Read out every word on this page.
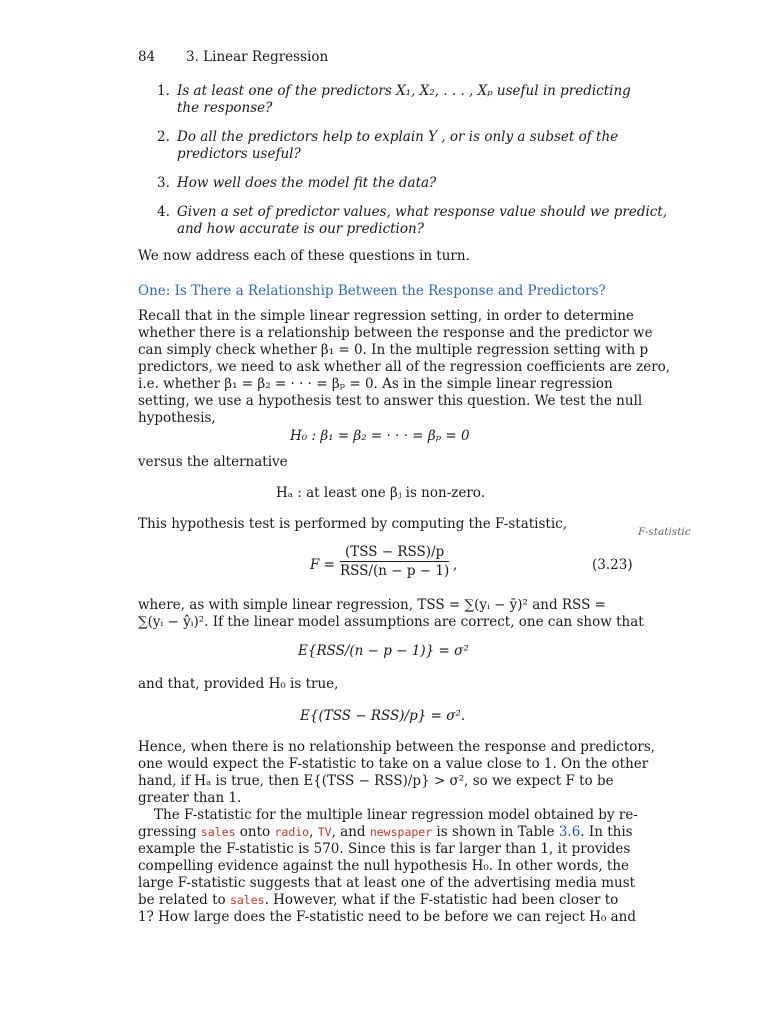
84 3. Linear Regression
1. Is at least one of the predictors X₁, X₂, . . . , Xₚ useful in predicting
the response?
2. Do all the predictors help to explain Y , or is only a subset of the
predictors useful?
3. How well does the model fit the data?
4. Given a set of predictor values, what response value should we predict,
and how accurate is our prediction?
We now address each of these questions in turn.
One: Is There a Relationship Between the Response and Predictors?
Recall that in the simple linear regression setting, in order to determine
whether there is a relationship between the response and the predictor we
can simply check whether β₁ = 0. In the multiple regression setting with p
predictors, we need to ask whether all of the regression coefficients are zero,
i.e. whether β₁ = β₂ = · · · = βₚ = 0. As in the simple linear regression
setting, we use a hypothesis test to answer this question. We test the null
hypothesis,
H₀ : β₁ = β₂ = · · · = βₚ = 0
versus the alternative
Hₐ : at least one βⱼ is non-zero.
This hypothesis test is performed by computing the F-statistic,	F-statistic
F =
(TSS − RSS)/p
RSS/(n − p − 1) ,	(3.23)
where, as with simple linear regression, TSS = ∑(yᵢ − ȳ)² and RSS =
∑(yᵢ − ŷᵢ)². If the linear model assumptions are correct, one can show that
E{RSS/(n − p − 1)} = σ²
and that, provided H₀ is true,
E{(TSS − RSS)/p} = σ².
Hence, when there is no relationship between the response and predictors,
one would expect the F-statistic to take on a value close to 1. On the other
hand, if Hₐ is true, then E{(TSS − RSS)/p} > σ², so we expect F to be
greater than 1.
The F-statistic for the multiple linear regression model obtained by re-
gressing sales onto radio, TV, and newspaper is shown in Table 3.6. In this
example the F-statistic is 570. Since this is far larger than 1, it provides
compelling evidence against the null hypothesis H₀. In other words, the
large F-statistic suggests that at least one of the advertising media must
be related to sales. However, what if the F-statistic had been closer to
1? How large does the F-statistic need to be before we can reject H₀ and
